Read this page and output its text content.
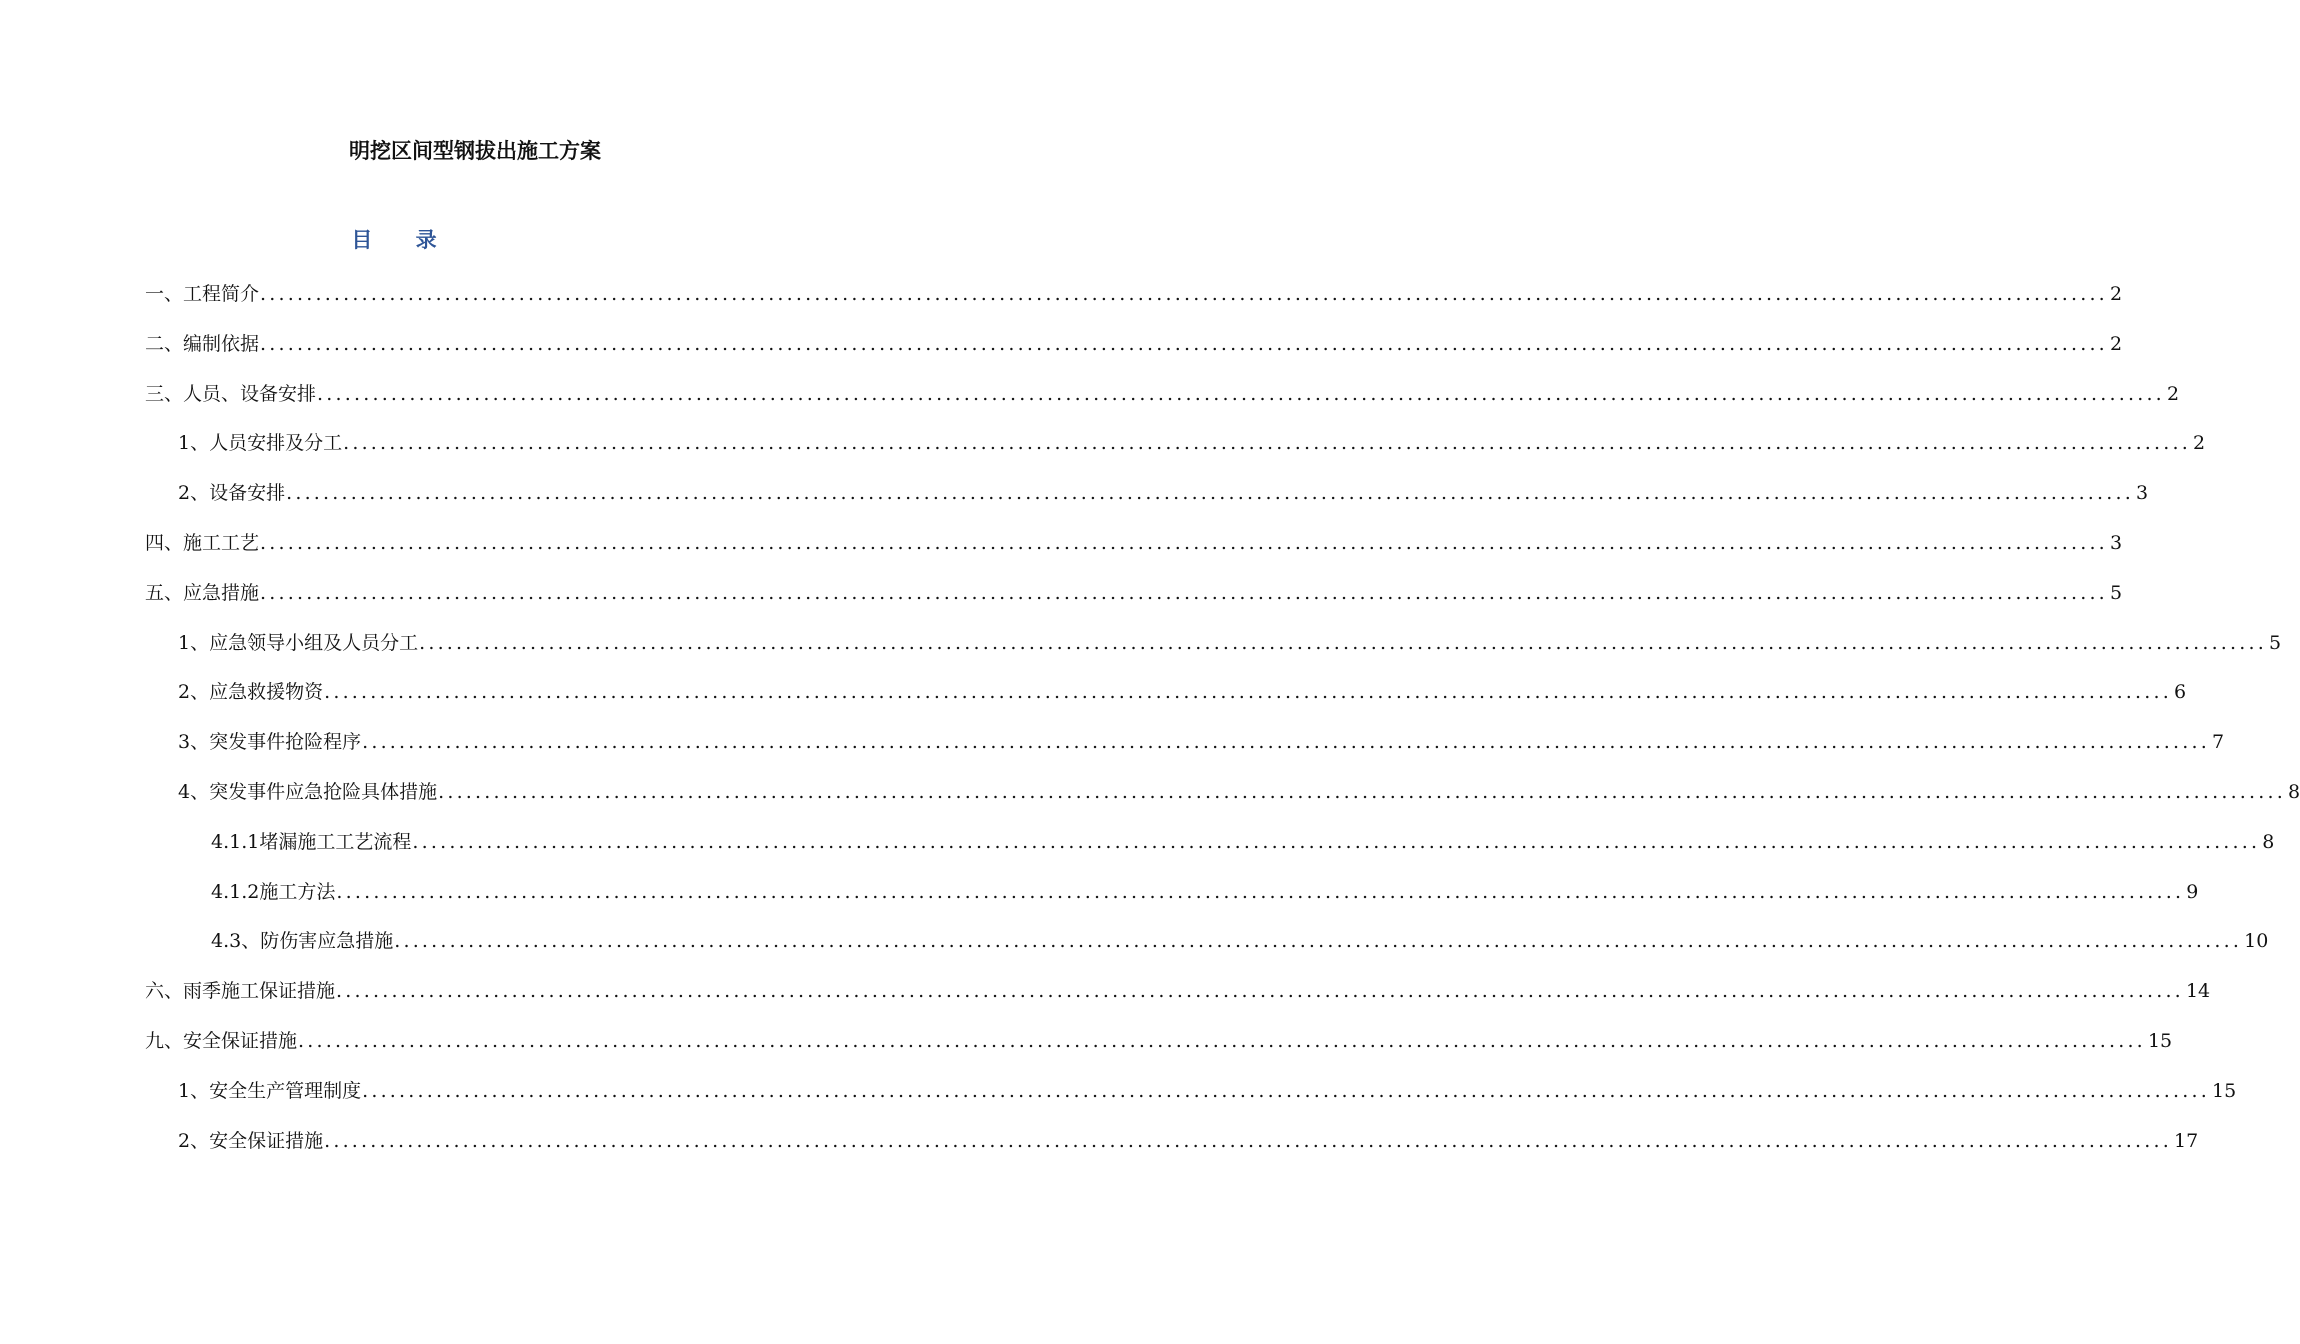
明挖区间型钢拔出施工方案
目 录
一、工程简介 ........................................................................................................................................................................................................ 2
二、编制依据 ........................................................................................................................................................................................................ 2
三、人员、设备安排 ........................................................................................................................................................................................................ 2
1、人员安排及分工 ........................................................................................................................................................................................................ 2
2、设备安排 ........................................................................................................................................................................................................ 3
四、施工工艺 ........................................................................................................................................................................................................ 3
五、应急措施 ........................................................................................................................................................................................................ 5
1、应急领导小组及人员分工 ........................................................................................................................................................................................................ 5
2、应急救援物资 ........................................................................................................................................................................................................ 6
3、突发事件抢险程序 ........................................................................................................................................................................................................ 7
4、突发事件应急抢险具体措施 ........................................................................................................................................................................................................ 8
4.1.1堵漏施工工艺流程 ........................................................................................................................................................................................................ 8
4.1.2施工方法 ........................................................................................................................................................................................................ 9
4.3、防伤害应急措施 ........................................................................................................................................................................................................ 10
六、雨季施工保证措施 ........................................................................................................................................................................................................ 14
九、安全保证措施 ........................................................................................................................................................................................................ 15
1、安全生产管理制度 ........................................................................................................................................................................................................ 15
2、安全保证措施 ........................................................................................................................................................................................................ 17
